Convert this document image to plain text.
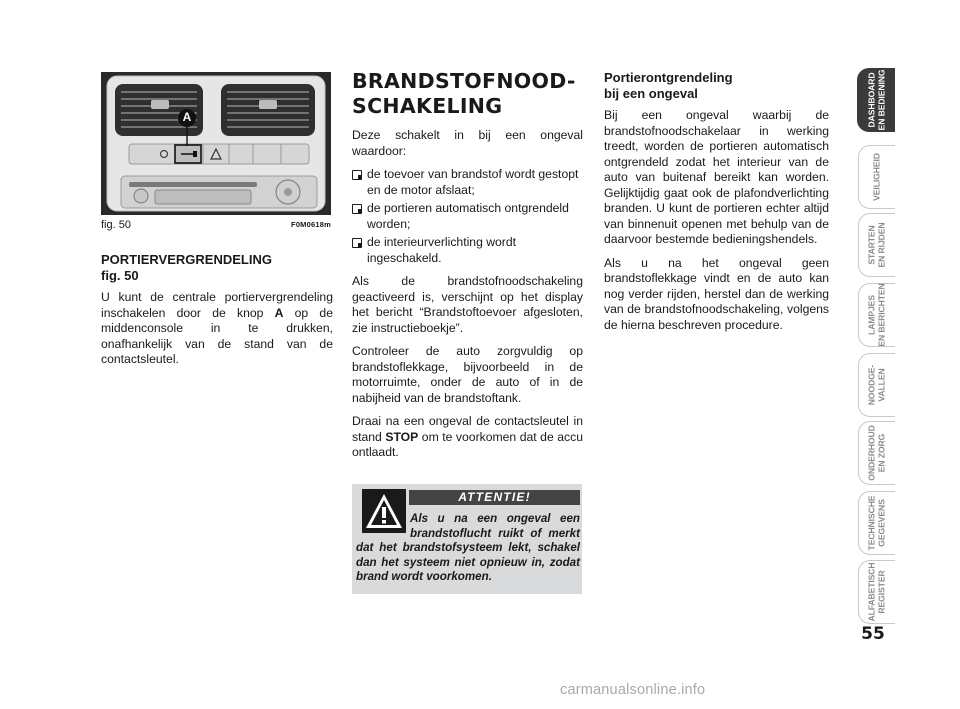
A
fig. 50	F0M0618m

PORTIERVERGRENDELING

fig. 50

U kunt de centrale portiervergrendeling inschakelen door de knop A op de middenconsole in te drukken, onafhankelijk van de stand van de contactsleutel.

BRANDSTOFNOOD-
SCHAKELING

Deze schakelt in bij een ongeval waardoor:

de toevoer van brandstof wordt gestopt en de motor afslaat;
de portieren automatisch ontgrendeld worden;
de interieurverlichting wordt ingeschakeld.

Als de brandstofnoodschakeling geactiveerd is, verschijnt op het display het bericht “Brandstoftoevoer afgesloten, zie instructieboekje”.

Controleer de auto zorgvuldig op brandstoflekkage, bijvoorbeeld in de motorruimte, onder de auto of in de nabijheid van de brandstoftank.

Draai na een ongeval de contactsleutel in stand STOP om te voorkomen dat de accu ontlaadt.

ATTENTIE!
Als u na een ongeval een brandstoflucht ruikt of merkt dat het brandstofsysteem lekt, schakel dan het systeem niet opnieuw in, zodat brand wordt voorkomen.

Portierontgrendeling

bij een ongeval

Bij een ongeval waarbij de brandstofnoodschakelaar in werking treedt, worden de portieren automatisch ontgrendeld zodat het interieur van de auto van buitenaf bereikt kan worden. Gelijktijdig gaat ook de plafondverlichting branden. U kunt de portieren echter altijd van binnenuit openen met behulp van de daarvoor bestemde bedieningshendels.

Als u na het ongeval geen brandstoflekkage vindt en de auto kan nog verder rijden, herstel dan de werking van de brandstofnoodschakeling, volgens de hierna beschreven procedure.

DASHBOARD
EN BEDIENING
VEILIGHEID
STARTEN
EN RIJDEN
LAMPJES
EN BERICHTEN
NOODGE-
VALLEN
ONDERHOUD
EN ZORG
TECHNISCHE
GEGEVENS
ALFABETISCH
REGISTER
55
carmanualsonline.info
